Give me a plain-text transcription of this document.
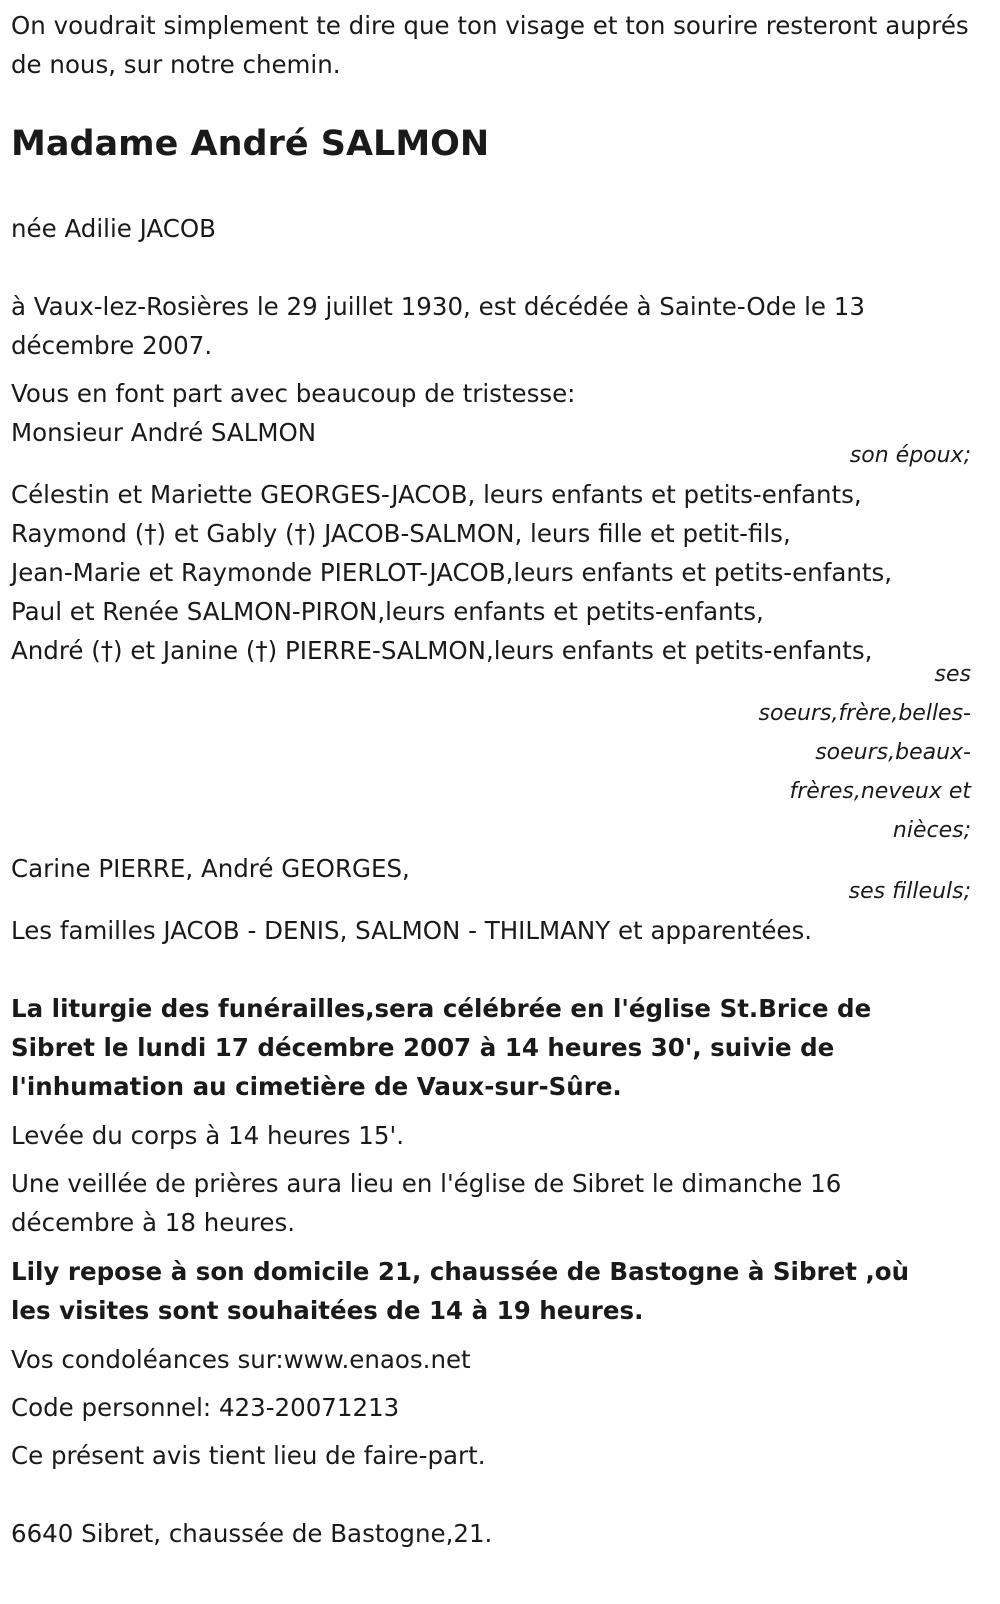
On voudrait simplement te dire que ton visage et ton sourire resteront auprés de nous, sur notre chemin.

Madame André SALMON

née Adilie JACOB

à Vaux-lez-Rosières le 29 juillet 1930, est décédée à Sainte-Ode le 13 décembre 2007.

Vous en font part avec beaucoup de tristesse:

Monsieur André SALMON

son époux;

Célestin et Mariette GEORGES-JACOB, leurs enfants et petits-enfants,

Raymond (†) et Gably (†) JACOB-SALMON, leurs fille et petit-fils,

Jean-Marie et Raymonde PIERLOT-JACOB,leurs enfants et petits-enfants,

Paul et Renée SALMON-PIRON,leurs enfants et petits-enfants,

André (†) et Janine (†) PIERRE-SALMON,leurs enfants et petits-enfants,

ses

soeurs,frère,belles-

soeurs,beaux-

frères,neveux et

nièces;

Carine PIERRE, André GEORGES,

ses filleuls;

Les familles JACOB - DENIS, SALMON - THILMANY et apparentées.

La liturgie des funérailles,sera célébrée en l'église St.Brice de Sibret le lundi 17 décembre 2007 à 14 heures 30', suivie de l'inhumation au cimetière de Vaux-sur-Sûre.

Levée du corps à 14 heures 15'.

Une veillée de prières aura lieu en l'église de Sibret le dimanche 16 décembre à 18 heures.

Lily repose à son domicile 21, chaussée de Bastogne à Sibret ,où les visites sont souhaitées de 14 à 19 heures.

Vos condoléances sur:www.enaos.net

Code personnel: 423-20071213

Ce présent avis tient lieu de faire-part.

6640 Sibret, chaussée de Bastogne,21.
